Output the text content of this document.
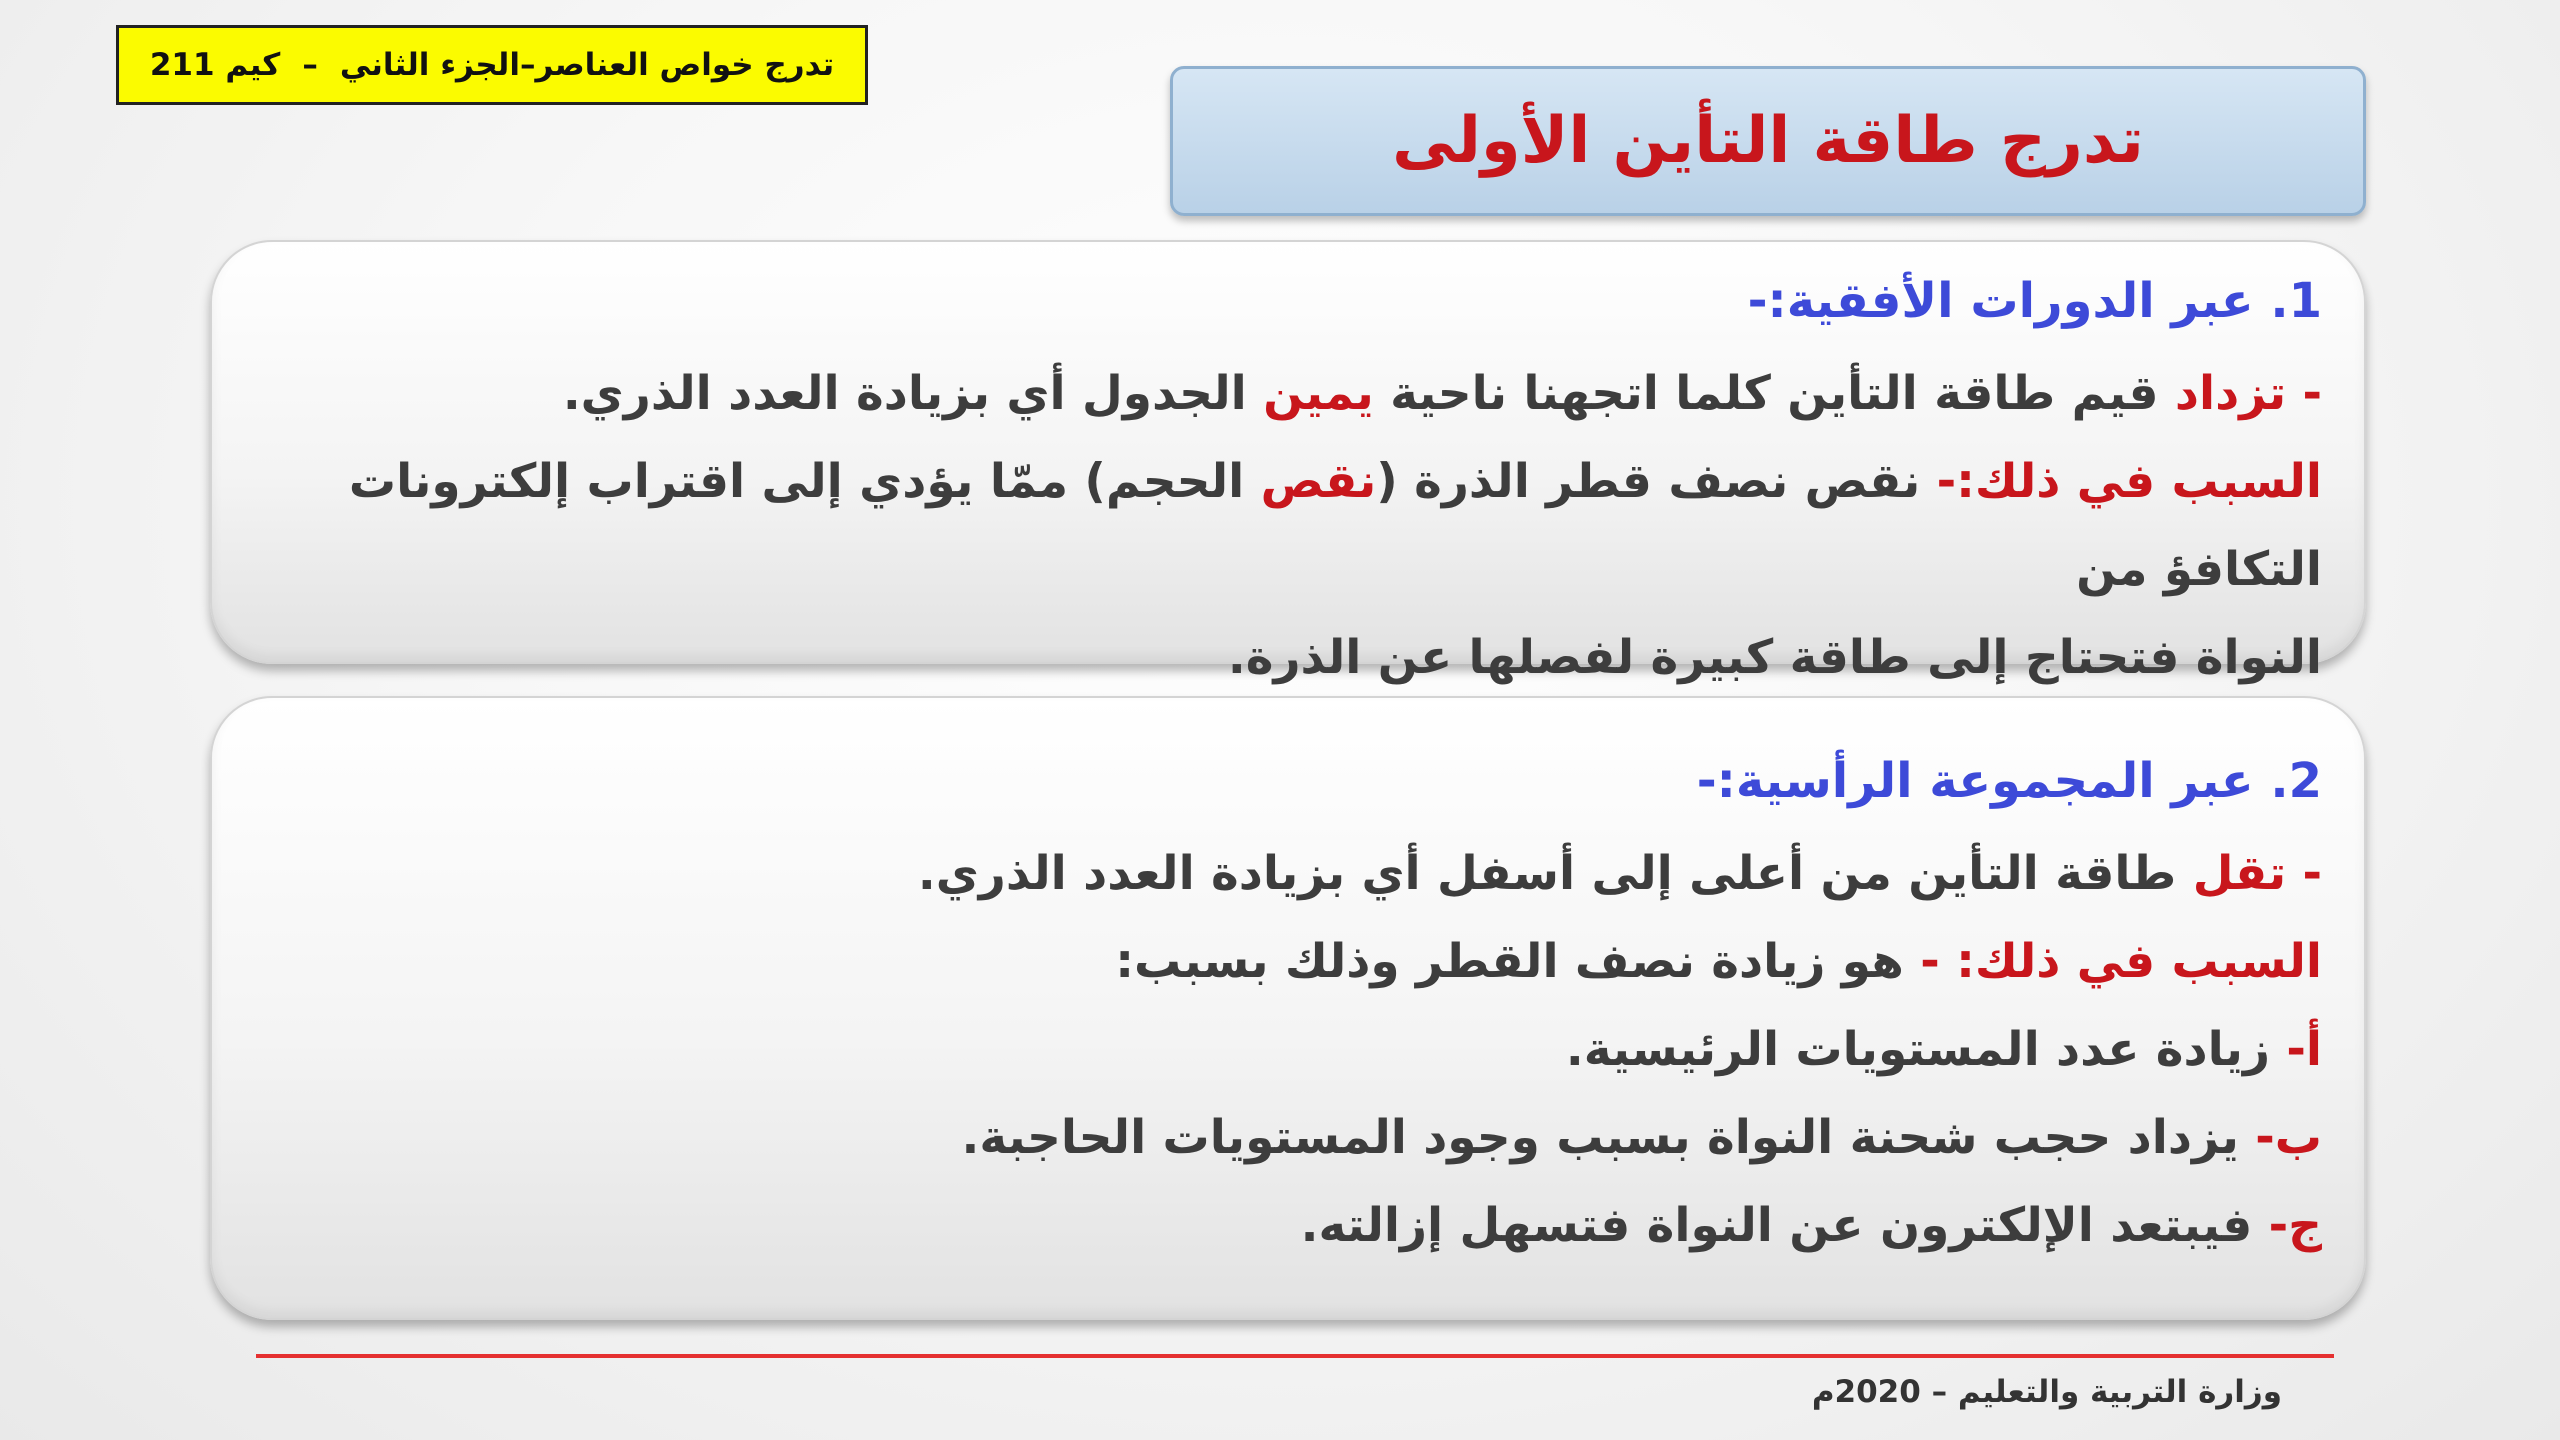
تدرج خواص العناصر–الجزء الثاني
–
كيم 211
تدرج طاقة التأين الأولى

1. عبر الدورات الأفقية:-

- تزداد قيم طاقة التأين كلما اتجهنا ناحية يمين الجدول أي بزيادة العدد الذري.

السبب في ذلك:- نقص نصف قطر الذرة (نقص الحجم) ممّا يؤدي إلى اقتراب إلكترونات التكافؤ من

النواة فتحتاج إلى طاقة كبيرة لفصلها عن الذرة.

2. عبر المجموعة الرأسية:-

- تقل طاقة التأين من أعلى إلى أسفل أي بزيادة العدد الذري.

السبب في ذلك: - هو زيادة نصف القطر وذلك بسبب:

أ- زيادة عدد المستويات الرئيسية.

ب- يزداد حجب شحنة النواة بسبب وجود المستويات الحاجبة.

ج- فيبتعد الإلكترون عن النواة فتسهل إزالته.

وزارة التربية والتعليم – 2020م
